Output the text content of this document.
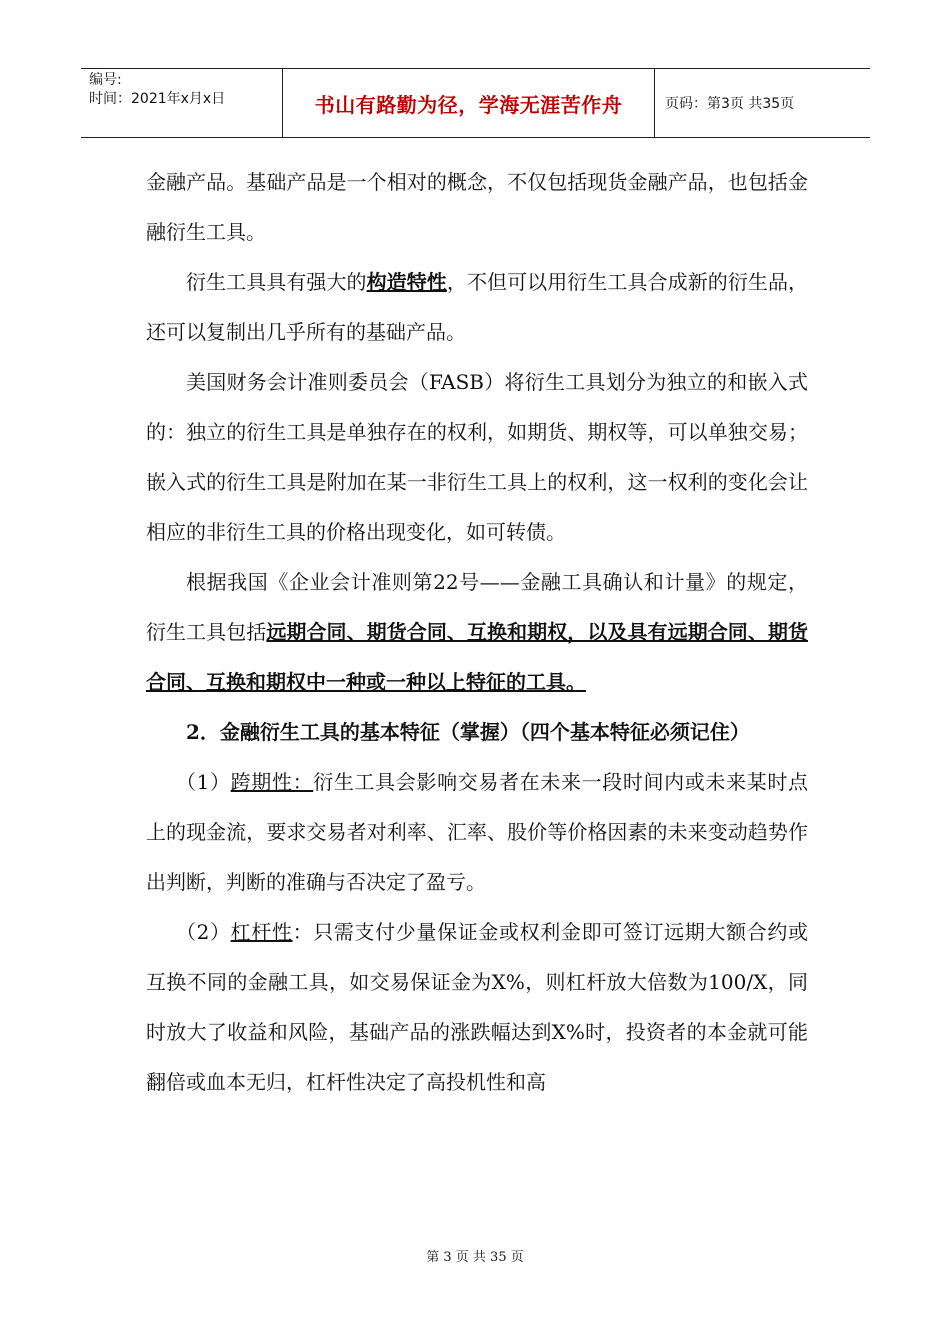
编号:
时间：2021年x月x日	书山有路勤为径，学海无涯苦作舟	页码：第3页 共35页

金融产品。基础产品是一个相对的概念，不仅包括现货金融产品，也包括金融衍生工具。

衍生工具具有强大的构造特性，不但可以用衍生工具合成新的衍生品，还可以复制出几乎所有的基础产品。

美国财务会计准则委员会（FASB）将衍生工具划分为独立的和嵌入式的：独立的衍生工具是单独存在的权利，如期货、期权等，可以单独交易；嵌入式的衍生工具是附加在某一非衍生工具上的权利，这一权利的变化会让相应的非衍生工具的价格出现变化，如可转债。

根据我国《企业会计准则第22号——金融工具确认和计量》的规定，衍生工具包括远期合同、期货合同、互换和期权，以及具有远期合同、期货合同、互换和期权中一种或一种以上特征的工具。

2．金融衍生工具的基本特征（掌握）（四个基本特征必须记住）

（1）跨期性：衍生工具会影响交易者在未来一段时间内或未来某时点上的现金流，要求交易者对利率、汇率、股价等价格因素的未来变动趋势作出判断，判断的准确与否决定了盈亏。

（2）杠杆性：只需支付少量保证金或权利金即可签订远期大额合约或互换不同的金融工具，如交易保证金为X%，则杠杆放大倍数为100/X，同时放大了收益和风险，基础产品的涨跌幅达到X%时，投资者的本金就可能翻倍或血本无归，杠杆性决定了高投机性和高

第 3 页 共 35 页
